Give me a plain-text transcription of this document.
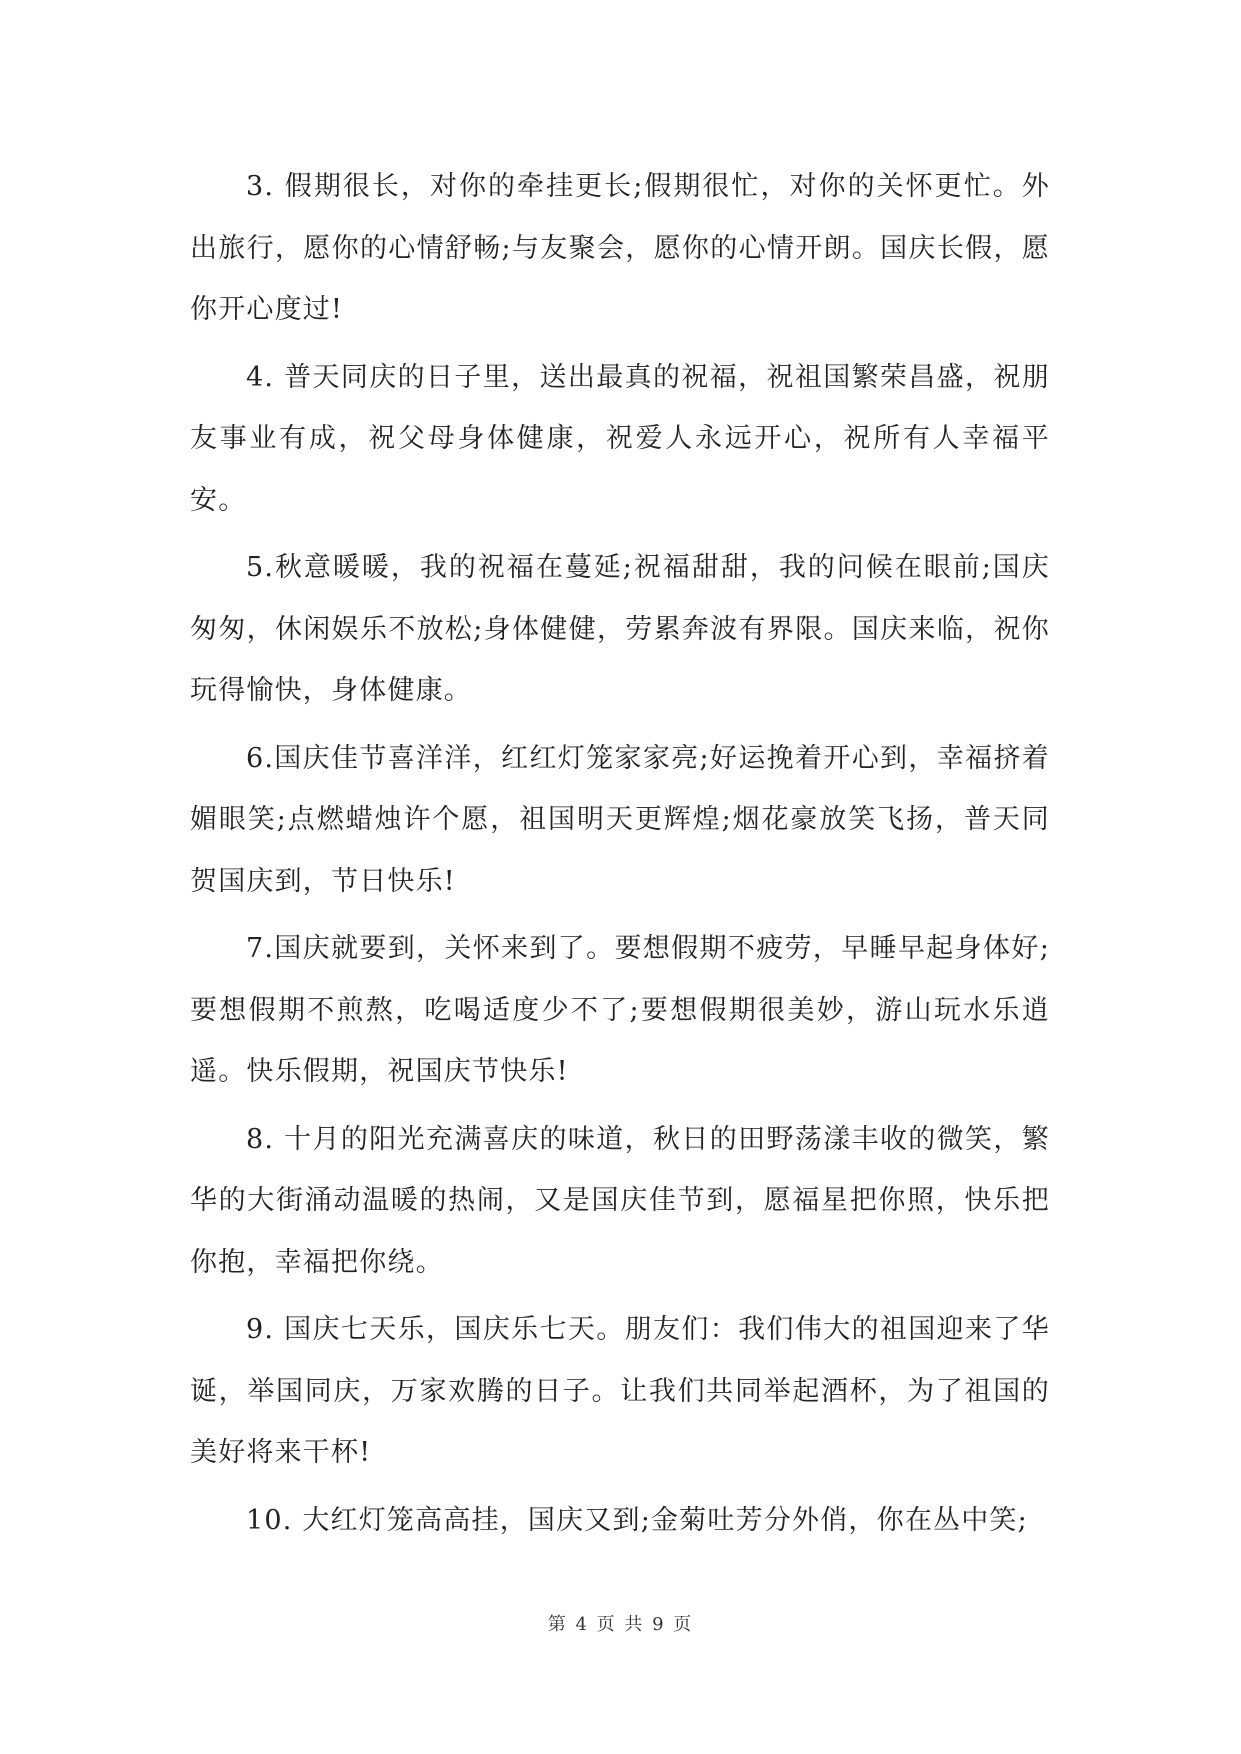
3. 假期很长，对你的牵挂更长;假期很忙，对你的关怀更忙。外出旅行，愿你的心情舒畅;与友聚会，愿你的心情开朗。国庆长假，愿你开心度过!

4. 普天同庆的日子里，送出最真的祝福，祝祖国繁荣昌盛，祝朋友事业有成，祝父母身体健康，祝爱人永远开心，祝所有人幸福平安。

5.秋意暖暖，我的祝福在蔓延;祝福甜甜，我的问候在眼前;国庆匆匆，休闲娱乐不放松;身体健健，劳累奔波有界限。国庆来临，祝你玩得愉快，身体健康。

6.国庆佳节喜洋洋，红红灯笼家家亮;好运挽着开心到，幸福挤着媚眼笑;点燃蜡烛许个愿，祖国明天更辉煌;烟花豪放笑飞扬，普天同贺国庆到，节日快乐!

7.国庆就要到，关怀来到了。要想假期不疲劳，早睡早起身体好;要想假期不煎熬，吃喝适度少不了;要想假期很美妙，游山玩水乐逍遥。快乐假期，祝国庆节快乐!

8. 十月的阳光充满喜庆的味道，秋日的田野荡漾丰收的微笑，繁华的大街涌动温暖的热闹，又是国庆佳节到，愿福星把你照，快乐把你抱，幸福把你绕。

9. 国庆七天乐，国庆乐七天。朋友们：我们伟大的祖国迎来了华诞，举国同庆，万家欢腾的日子。让我们共同举起酒杯，为了祖国的美好将来干杯!

10. 大红灯笼高高挂，国庆又到;金菊吐芳分外俏，你在丛中笑;

第 4 页 共 9 页
